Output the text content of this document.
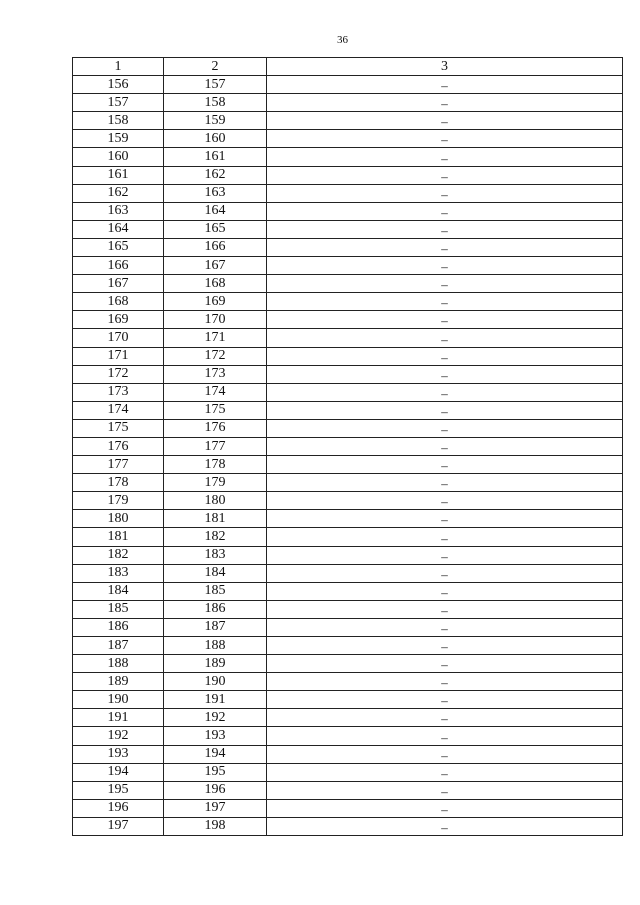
36
1	2	3
156	157	–
157	158	–
158	159	–
159	160	–
160	161	–
161	162	–
162	163	–
163	164	–
164	165	–
165	166	–
166	167	–
167	168	–
168	169	–
169	170	–
170	171	–
171	172	–
172	173	–
173	174	–
174	175	–
175	176	–
176	177	–
177	178	–
178	179	–
179	180	–
180	181	–
181	182	–
182	183	–
183	184	–
184	185	–
185	186	–
186	187	–
187	188	–
188	189	–
189	190	–
190	191	–
191	192	–
192	193	–
193	194	–
194	195	–
195	196	–
196	197	–
197	198	–
